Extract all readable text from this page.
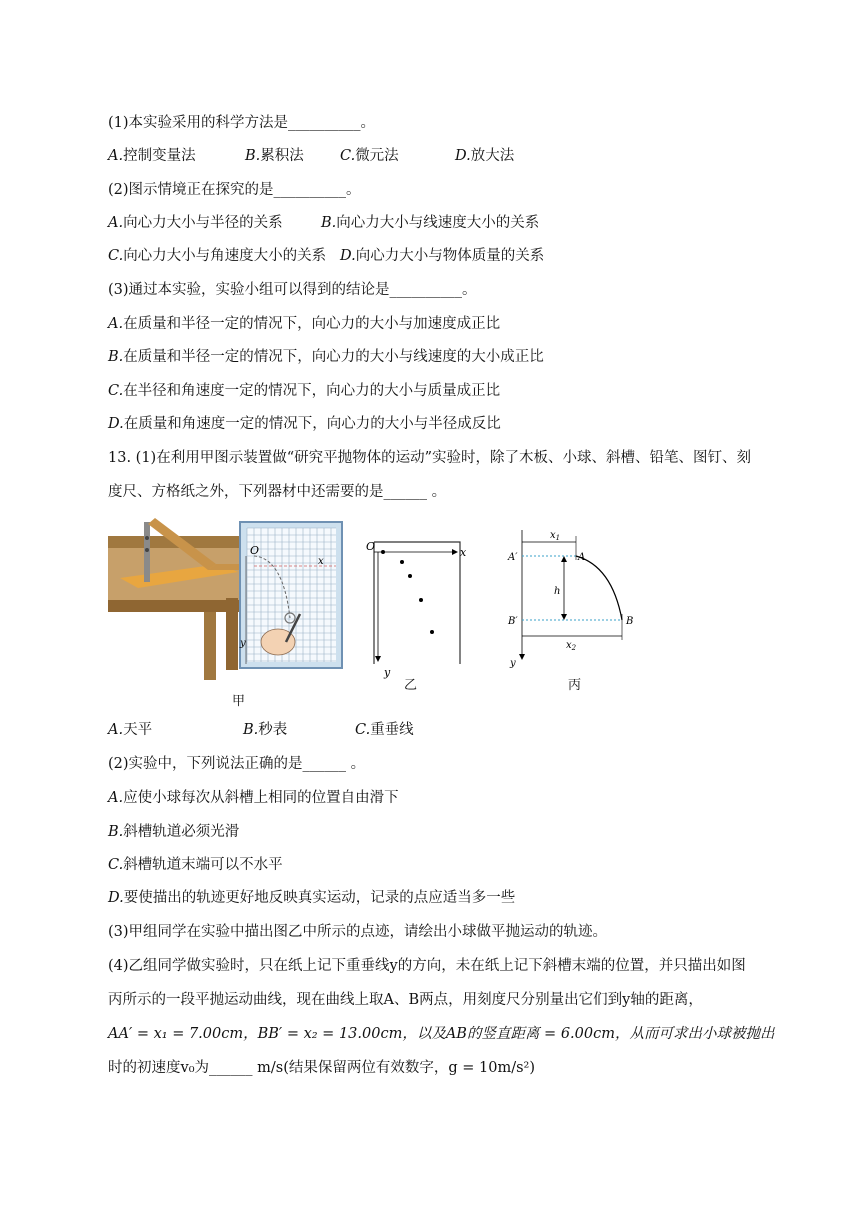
(1)本实验采用的科学方法是__________。
A.控制变量法	B.累积法 C.微元法	D.放大法
(2)图示情境正在探究的是__________。
A.向心力大小与半径的关系	B.向心力大小与线速度大小的关系
C.向心力大小与角速度大小的关系 D.向心力大小与物体质量的关系
(3)通过本实验，实验小组可以得到的结论是__________。
A.在质量和半径一定的情况下，向心力的大小与加速度成正比
B.在质量和半径一定的情况下，向心力的大小与线速度的大小成正比
C.在半径和角速度一定的情况下，向心力的大小与质量成正比
D.在质量和角速度一定的情况下，向心力的大小与半径成反比
13. (1)在利用甲图示装置做“研究平抛物体的运动”实验时，除了木板、小球、斜槽、铅笔、图钉、刻
度尺、方格纸之外，下列器材中还需要的是______ 。
O
x
y
甲
O	x
y
乙
$x_1$
$x_2$
A′	A
B′	B
h
y
丙
A.天平	B.秒表	C.重垂线
(2)实验中，下列说法正确的是______ 。
A.应使小球每次从斜槽上相同的位置自由滑下
B.斜槽轨道必须光滑
C.斜槽轨道末端可以不水平
D.要使描出的轨迹更好地反映真实运动，记录的点应适当多一些
(3)甲组同学在实验中描出图乙中所示的点迹，请绘出小球做平抛运动的轨迹。
(4)乙组同学做实验时，只在纸上记下重垂线y的方向，未在纸上记下斜槽末端的位置，并只描出如图
丙所示的一段平抛运动曲线，现在曲线上取A、B两点，用刻度尺分别量出它们到y轴的距离，
AA′ = x₁ = 7.00cm，BB′ = x₂ = 13.00cm，以及AB的竖直距离 = 6.00cm，从而可求出小球被抛出
时的初速度v₀为______ m/s(结果保留两位有效数字，g = 10m/s²)
